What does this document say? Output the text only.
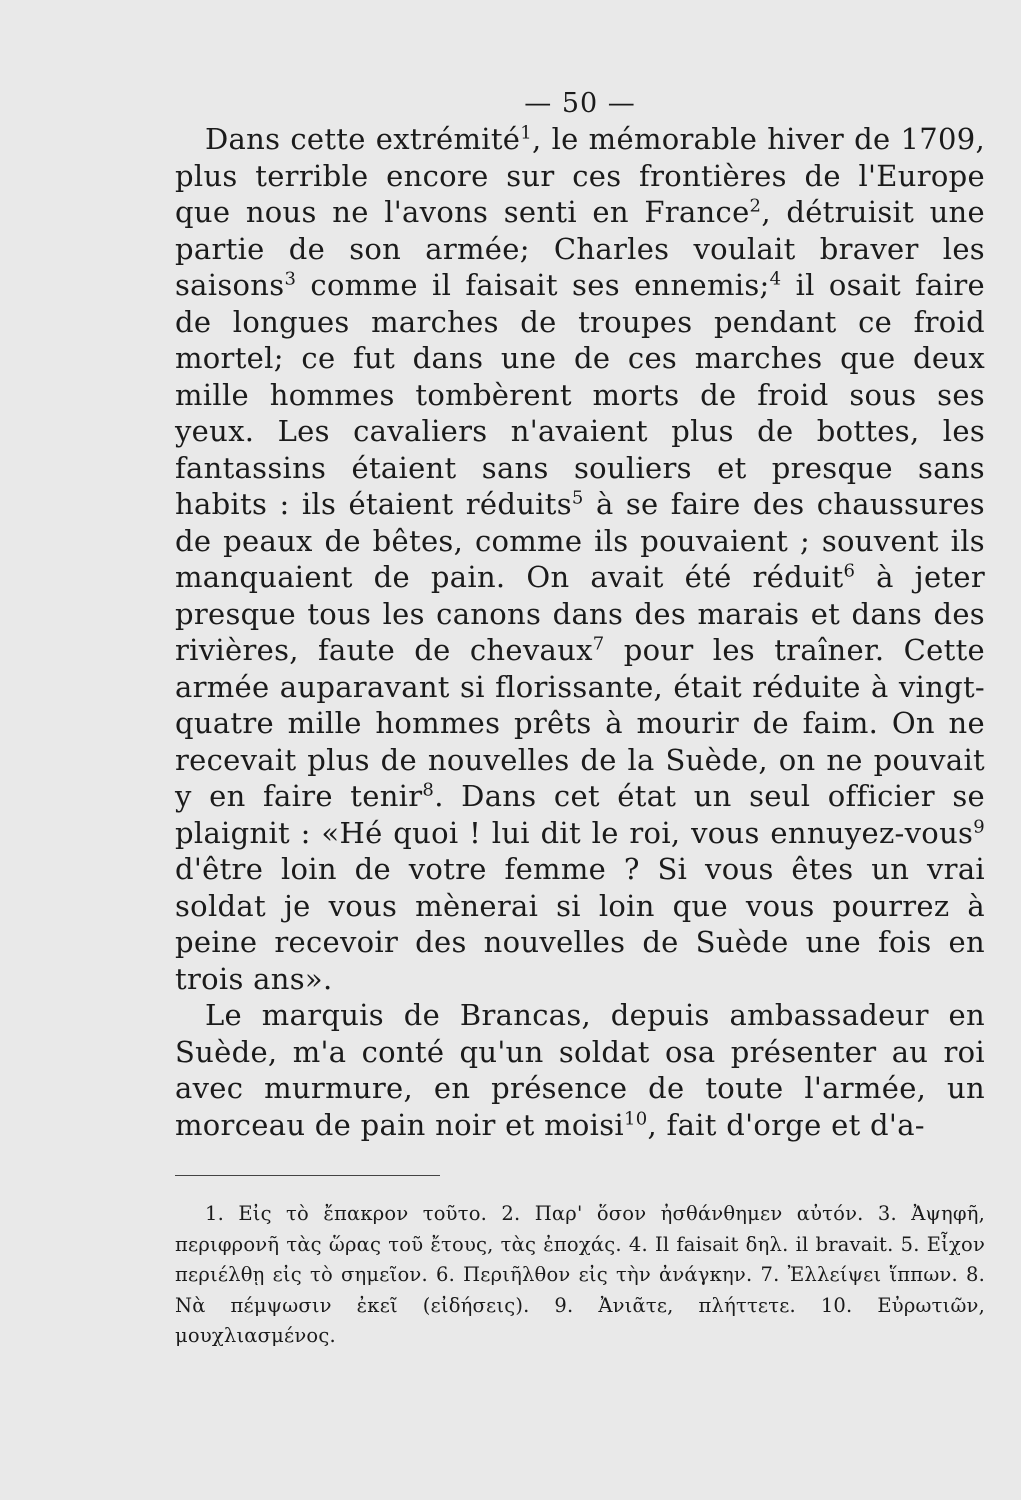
— 50 —

Dans cette extrémité$^1$, le mémorable hiver de 1709, plus terrible encore sur ces frontières de l'Europe que nous ne l'avons senti en France$^2$, détruisit une partie de son armée; Charles voulait braver les saisons$^3$ comme il faisait ses ennemis;$^4$ il osait faire de longues marches de troupes pendant ce froid mortel; ce fut dans une de ces marches que deux mille hommes tombèrent morts de froid sous ses yeux. Les cavaliers n'avaient plus de bottes, les fantassins étaient sans souliers et presque sans habits : ils étaient réduits$^5$ à se faire des chaussures de peaux de bêtes, comme ils pouvaient ; souvent ils manquaient de pain. On avait été réduit$^6$ à jeter presque tous les canons dans des marais et dans des rivières, faute de chevaux$^7$ pour les traîner. Cette armée auparavant si florissante, était réduite à vingt-quatre mille hommes prêts à mourir de faim. On ne recevait plus de nouvelles de la Suède, on ne pouvait y en faire tenir$^8$. Dans cet état un seul officier se plaignit : «Hé quoi ! lui dit le roi, vous ennuyez-vous$^9$ d'être loin de votre femme ? Si vous êtes un vrai soldat je vous mènerai si loin que vous pourrez à peine recevoir des nouvelles de Suède une fois en trois ans».

Le marquis de Brancas, depuis ambassadeur en Suède, m'a conté qu'un soldat osa présenter au roi avec murmure, en présence de toute l'armée, un morceau de pain noir et moisi$^{10}$, fait d'orge et d'a-

1. Εἰς τὸ ἔπακρον τοῦτο. 2. Παρ' ὅσον ἠσθάνθημεν αὐτόν. 3. Ἀψηφῆ, περιφρονῆ τὰς ὥρας τοῦ ἔτους, τὰς ἐποχάς. 4. Il faisait δηλ. il bravait. 5. Εἶχον περιέλθῃ εἰς τὸ σημεῖον. 6. Περιῆλθον εἰς τὴν ἀνάγκην. 7. Ἐλλείψει ἵππων. 8. Νὰ πέμψωσιν ἐκεῖ (εἰδήσεις). 9. Ἀνιᾶτε, πλήττετε. 10. Εὐρωτιῶν, μουχλιασμένος.
